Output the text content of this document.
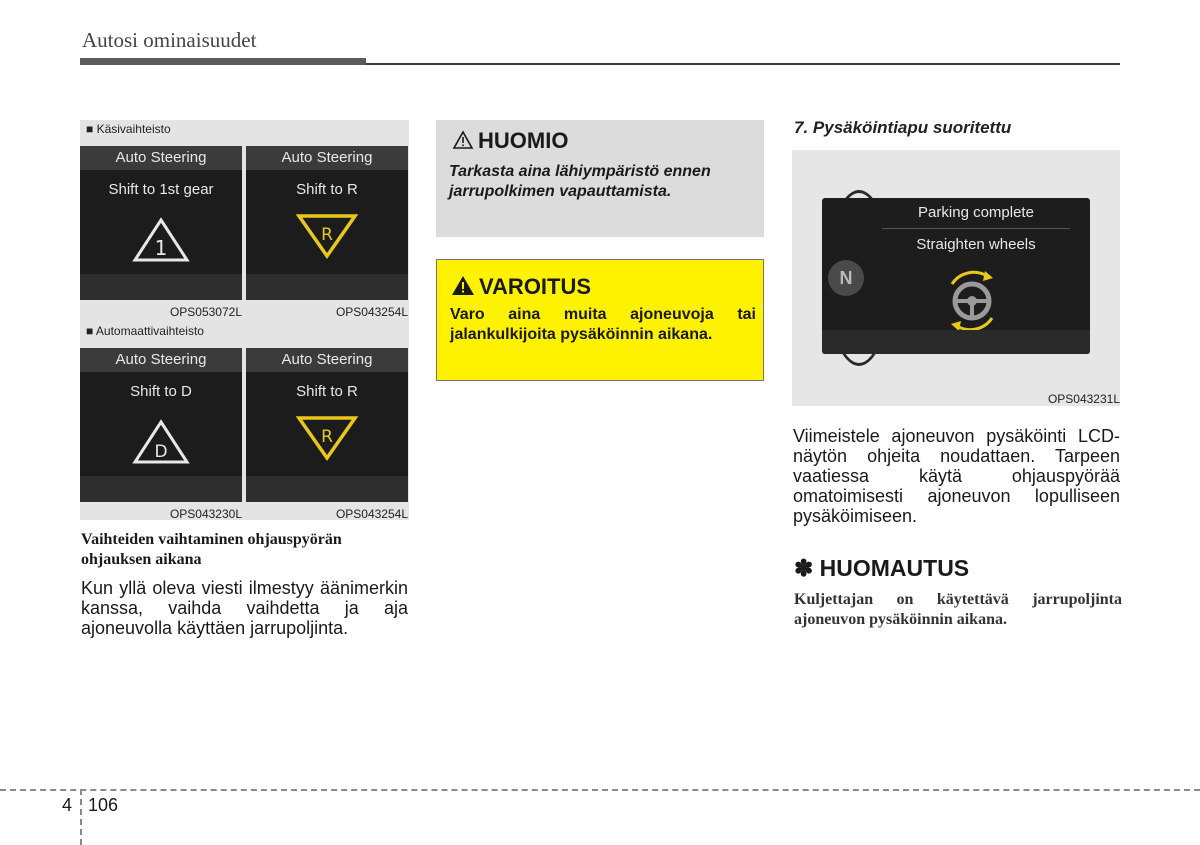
Autosi ominaisuudet
■ Käsivaihteisto
Auto Steering
Shift to 1st gear
1
Auto Steering
Shift to R
R
OPS053072L	OPS043254L
■ Automaattivaihteisto
Auto Steering
Shift to D
D
Auto Steering
Shift to R
R
OPS043230L	OPS043254L
Vaihteiden vaihtaminen ohjauspyörän ohjauksen aikana
Kun yllä oleva viesti ilmestyy äänimerkin kanssa, vaihda vaihdetta ja aja ajoneuvolla käyttäen jarrupoljinta.
HUOMIO
Tarkasta aina lähiympäristö ennen jarrupolkimen vapauttamista.
VAROITUS
Varo aina muita ajoneuvoja tai jalankulkijoita pysäköinnin aikana.
7. Pysäköintiapu suoritettu
Parking complete
Straighten wheels
N
OPS043231L
Viimeistele ajoneuvon pysäköinti LCD-näytön ohjeita noudattaen. Tarpeen vaatiessa käytä ohjauspyörää omatoimisesti ajoneuvon lopulliseen pysäköimiseen.
✽ HUOMAUTUS
Kuljettajan on käytettävä jarrupoljinta ajoneuvon pysäköinnin aikana.
4 106
